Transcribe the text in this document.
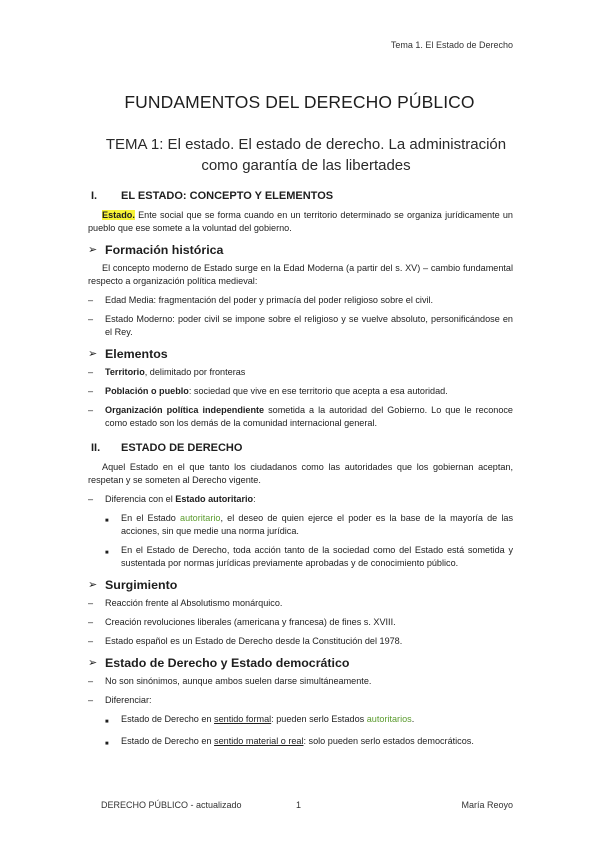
Tema 1. El Estado de Derecho
FUNDAMENTOS DEL DERECHO PÚBLICO
TEMA 1: El estado. El estado de derecho. La administración como garantía de las libertades
I.	EL ESTADO: CONCEPTO Y ELEMENTOS

Estado. Ente social que se forma cuando en un territorio determinado se organiza jurídicamente un pueblo que ese somete a la voluntad del gobierno.

➢ Formación histórica

El concepto moderno de Estado surge en la Edad Moderna (a partir del s. XV) – cambio fundamental respecto a organización política medieval:

–	Edad Media: fragmentación del poder y primacía del poder religioso sobre el civil.
–	Estado Moderno: poder civil se impone sobre el religioso y se vuelve absoluto, personificándose en el Rey.
➢ Elementos
–	Territorio, delimitado por fronteras
–	Población o pueblo: sociedad que vive en ese territorio que acepta a esa autoridad.
–	Organización política independiente sometida a la autoridad del Gobierno. Lo que le reconoce como estado son los demás de la comunidad internacional general.
II.	ESTADO DE DERECHO

Aquel Estado en el que tanto los ciudadanos como las autoridades que los gobiernan aceptan, respetan y se someten al Derecho vigente.

–	Diferencia con el Estado autoritario:
■	En el Estado autoritario, el deseo de quien ejerce el poder es la base de la mayoría de las acciones, sin que medie una norma jurídica.
■	En el Estado de Derecho, toda acción tanto de la sociedad como del Estado está sometida y sustentada por normas jurídicas previamente aprobadas y de conocimiento público.
➢ Surgimiento
–	Reacción frente al Absolutismo monárquico.
–	Creación revoluciones liberales (americana y francesa) de fines s. XVIII.
–	Estado español es un Estado de Derecho desde la Constitución del 1978.
➢ Estado de Derecho y Estado democrático
–	No son sinónimos, aunque ambos suelen darse simultáneamente.
–	Diferenciar:
■	Estado de Derecho en sentido formal: pueden serlo Estados autoritarios.
■	Estado de Derecho en sentido material o real: solo pueden serlo estados democráticos.
DERECHO PÚBLICO - actualizado	1	María Reoyo
